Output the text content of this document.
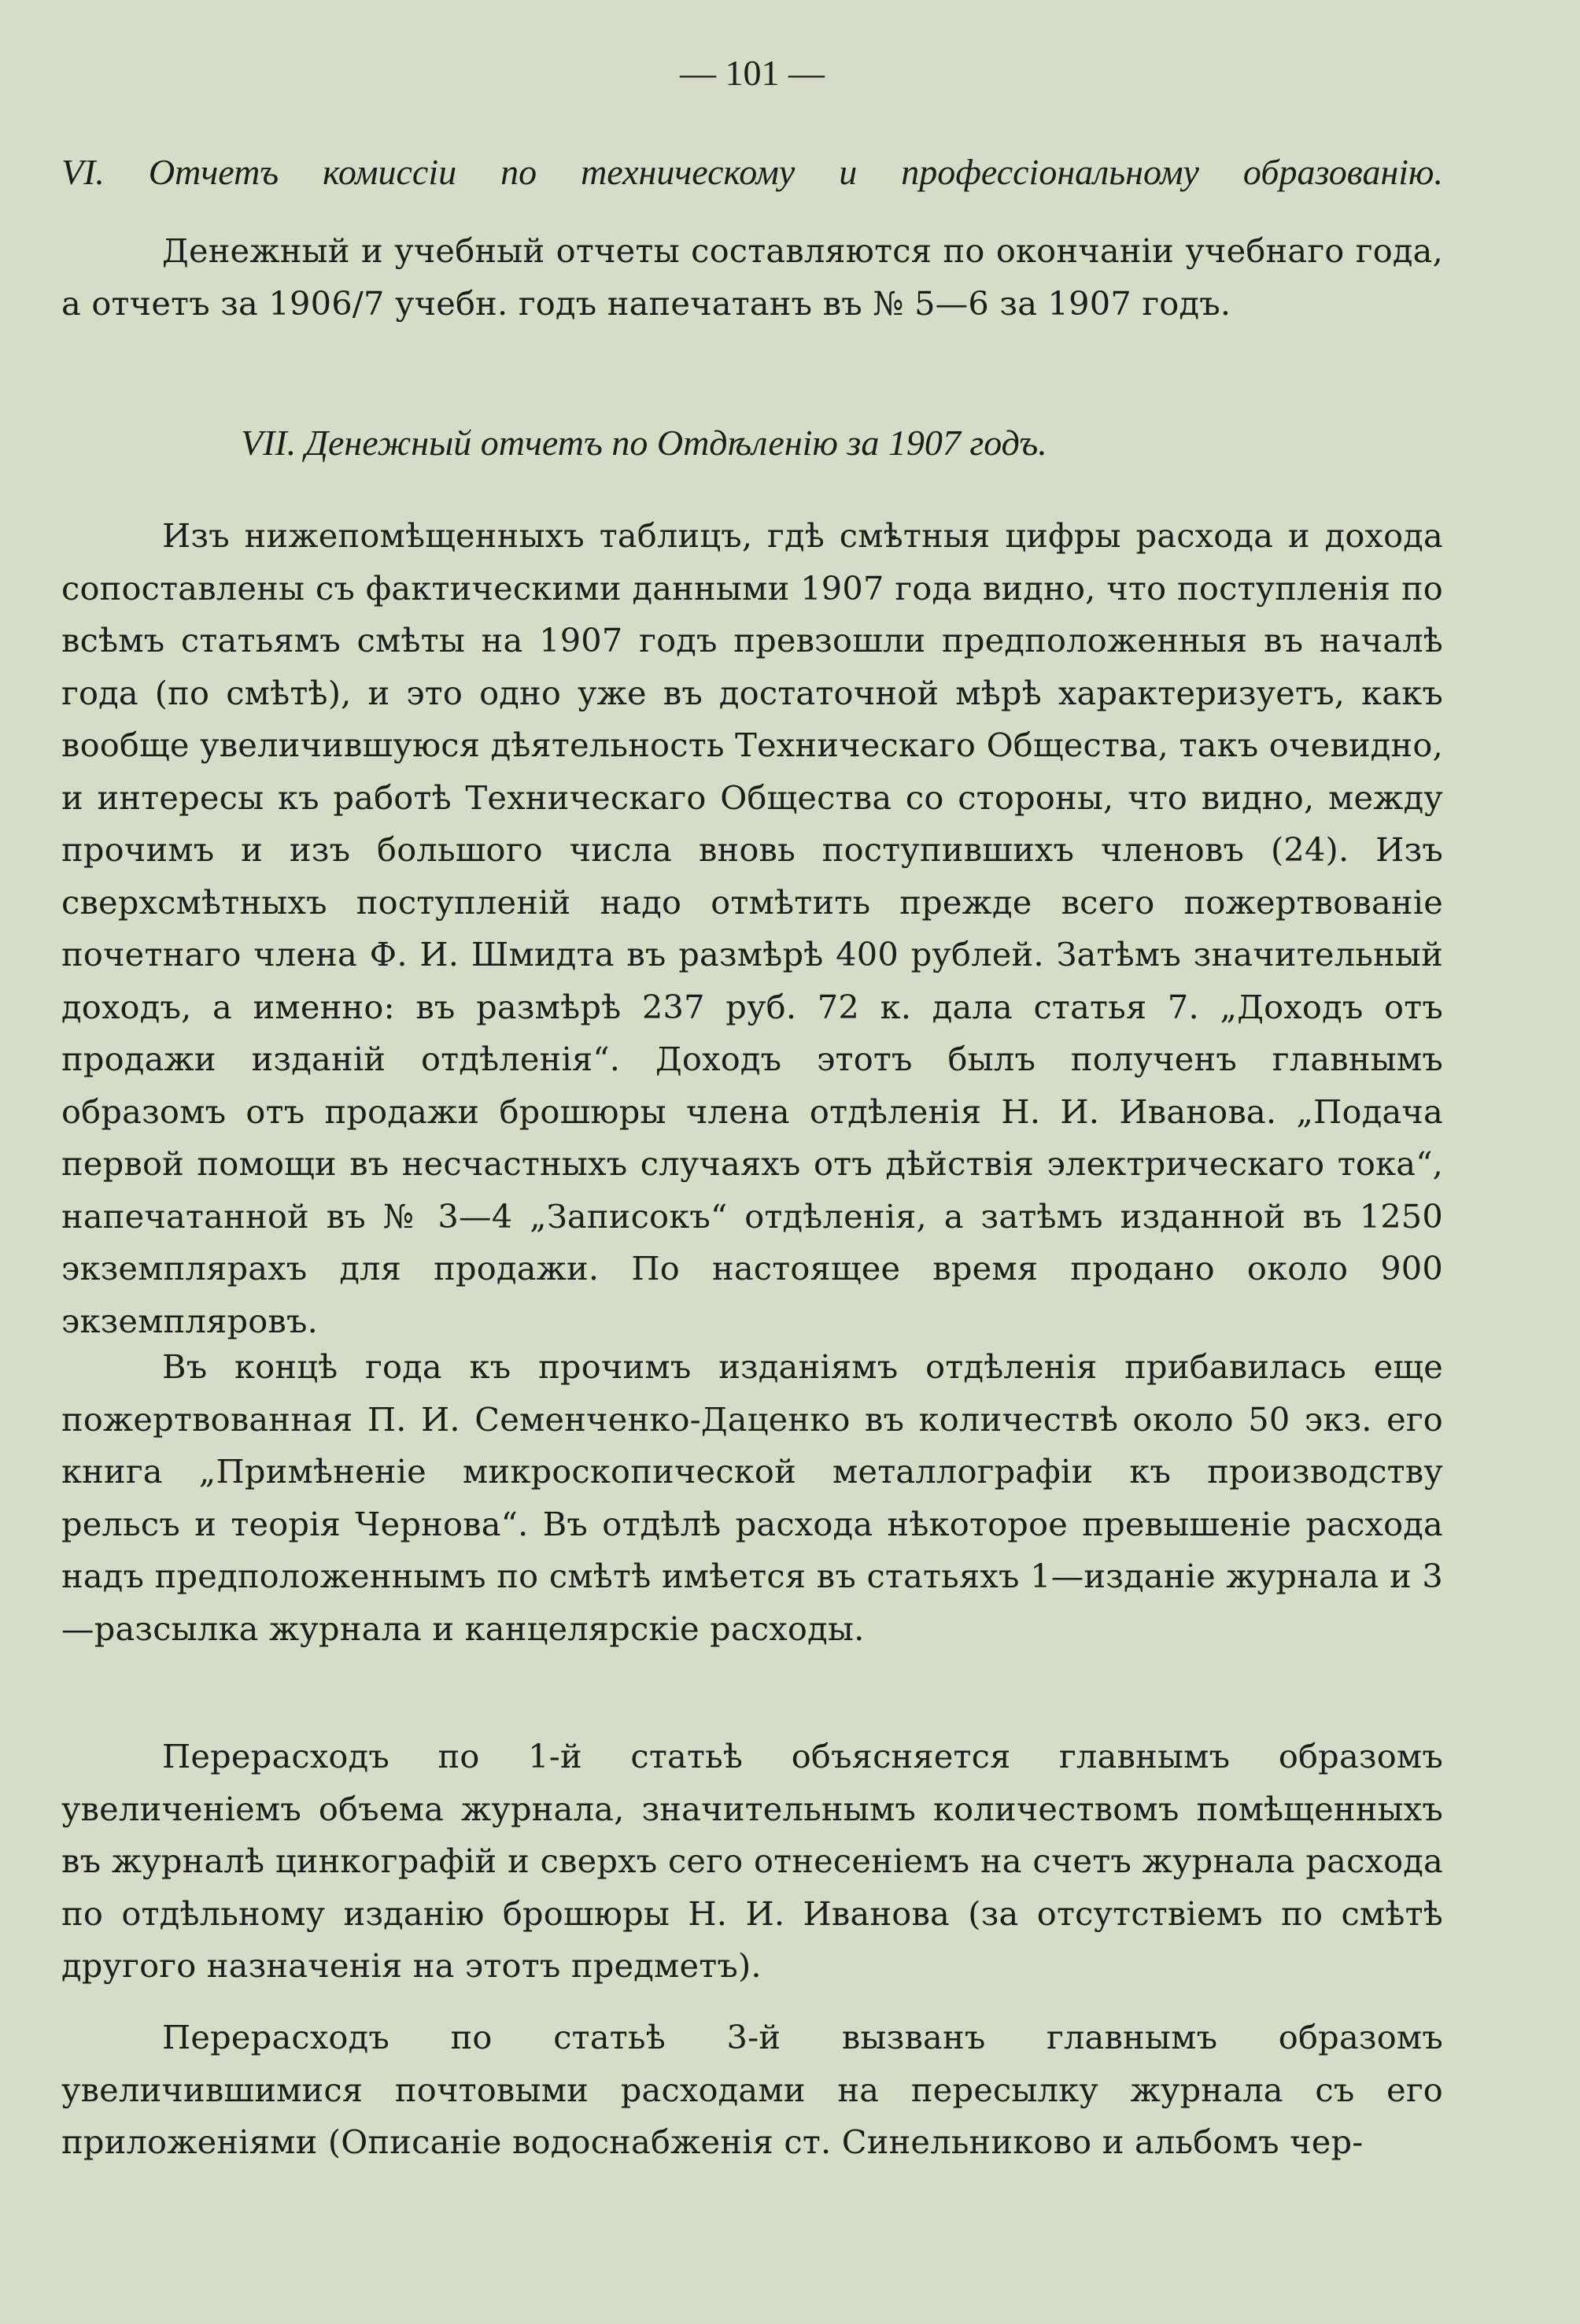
— 101 —
VI. Отчетъ комиссіи по техническому и профессіональному образованію.

Денежный и учебный отчеты составляются по окончаніи учебнаго года, а отчетъ за 1906/7 учебн. годъ напечатанъ въ № 5—6 за 1907 годъ.

VII. Денежный отчетъ по Отдѣленію за 1907 годъ.

Изъ нижепомѣщенныхъ таблицъ, гдѣ смѣтныя цифры расхода и дохода сопоставлены съ фактическими данными 1907 года видно, что поступленія по всѣмъ статьямъ смѣты на 1907 годъ превзошли предположенныя въ началѣ года (по смѣтѣ), и это одно уже въ достаточной мѣрѣ характеризуетъ, какъ вообще увеличившуюся дѣятельность Техническаго Общества, такъ очевидно, и интересы къ работѣ Техническаго Общества со стороны, что видно, между прочимъ и изъ большого числа вновь поступившихъ членовъ (24). Изъ сверхсмѣтныхъ поступленій надо отмѣтить прежде всего пожертвованіе почетнаго члена Ф. И. Шмидта въ размѣрѣ 400 рублей. Затѣмъ значительный доходъ, а именно: въ размѣрѣ 237 руб. 72 к. дала статья 7. „Доходъ отъ продажи изданій отдѣленія“. Доходъ этотъ былъ полученъ главнымъ образомъ отъ продажи брошюры члена отдѣленія Н. И. Иванова. „Подача первой помощи въ несчастныхъ случаяхъ отъ дѣйствія электрическаго тока“, напечатанной въ № 3—4 „Записокъ“ отдѣленія, а затѣмъ изданной въ 1250 экземплярахъ для продажи. По настоящее время продано около 900 экземпляровъ.

Въ концѣ года къ прочимъ изданіямъ отдѣленія прибавилась еще пожертвованная П. И. Семенченко-Даценко въ количествѣ около 50 экз. его книга „Примѣненіе микроскопической металлографіи къ производству рельсъ и теорія Чернова“. Въ отдѣлѣ расхода нѣкоторое превышеніе расхода надъ предположеннымъ по смѣтѣ имѣется въ статьяхъ 1—изданіе журнала и 3—разсылка журнала и канцелярскіе расходы.

Перерасходъ по 1-й статьѣ объясняется главнымъ образомъ увеличеніемъ объема журнала, значительнымъ количествомъ помѣщенныхъ въ журналѣ цинкографій и сверхъ сего отнесеніемъ на счетъ журнала расхода по отдѣльному изданію брошюры Н. И. Иванова (за отсутствіемъ по смѣтѣ другого назначенія на этотъ предметъ).

Перерасходъ по статьѣ 3-й вызванъ главнымъ образомъ увеличившимися почтовыми расходами на пересылку журнала съ его приложеніями (Описаніе водоснабженія ст. Синельниково и альбомъ чер-
